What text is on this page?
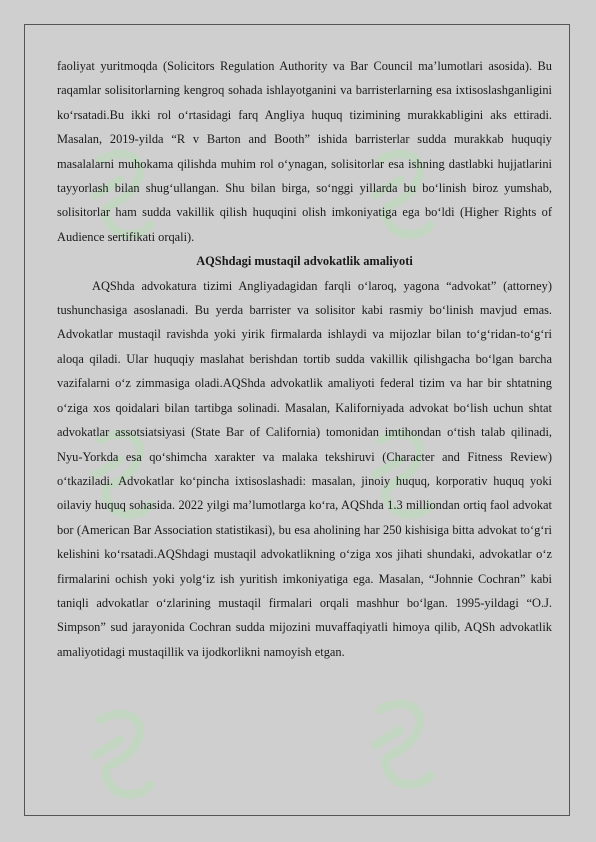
faoliyat yuritmoqda (Solicitors Regulation Authority va Bar Council ma’lumotlari asosida). Bu raqamlar solisitorlarning kengroq sohada ishlayotganini va barristerlarning esa ixtisoslashganligini ko‘rsatadi.Bu ikki rol o‘rtasidagi farq Angliya huquq tizimining murakkabligini aks ettiradi. Masalan, 2019-yilda “R v Barton and Booth” ishida barristerlar sudda murakkab huquqiy masalalarni muhokama qilishda muhim rol o‘ynagan, solisitorlar esa ishning dastlabki hujjatlarini tayyorlash bilan shug‘ullangan. Shu bilan birga, so‘nggi yillarda bu bo‘linish biroz yumshab, solisitorlar ham sudda vakillik qilish huquqini olish imkoniyatiga ega bo‘ldi (Higher Rights of Audience sertifikati orqali).

AQShdagi mustaqil advokatlik amaliyoti

AQShda advokatura tizimi Angliyadagidan farqli o‘laroq, yagona “advokat” (attorney) tushunchasiga asoslanadi. Bu yerda barrister va solisitor kabi rasmiy bo‘linish mavjud emas. Advokatlar mustaqil ravishda yoki yirik firmalarda ishlaydi va mijozlar bilan to‘g‘ridan-to‘g‘ri aloqa qiladi. Ular huquqiy maslahat berishdan tortib sudda vakillik qilishgacha bo‘lgan barcha vazifalarni o‘z zimmasiga oladi.AQShda advokatlik amaliyoti federal tizim va har bir shtatning o‘ziga xos qoidalari bilan tartibga solinadi. Masalan, Kaliforniyada advokat bo‘lish uchun shtat advokatlar assotsiatsiyasi (State Bar of California) tomonidan imtihondan o‘tish talab qilinadi, Nyu-Yorkda esa qo‘shimcha xarakter va malaka tekshiruvi (Character and Fitness Review) o‘tkaziladi. Advokatlar ko‘pincha ixtisoslashadi: masalan, jinoiy huquq, korporativ huquq yoki oilaviy huquq sohasida. 2022 yilgi ma’lumotlarga ko‘ra, AQShda 1.3 milliondan ortiq faol advokat bor (American Bar Association statistikasi), bu esa aholining har 250 kishisiga bitta advokat to‘g‘ri kelishini ko‘rsatadi.AQShdagi mustaqil advokatlikning o‘ziga xos jihati shundaki, advokatlar o‘z firmalarini ochish yoki yolg‘iz ish yuritish imkoniyatiga ega. Masalan, “Johnnie Cochran” kabi taniqli advokatlar o‘zlarining mustaqil firmalari orqali mashhur bo‘lgan. 1995-yildagi “O.J. Simpson” sud jarayonida Cochran sudda mijozini muvaffaqiyatli himoya qilib, AQSh advokatlik amaliyotidagi mustaqillik va ijodkorlikni namoyish etgan.
